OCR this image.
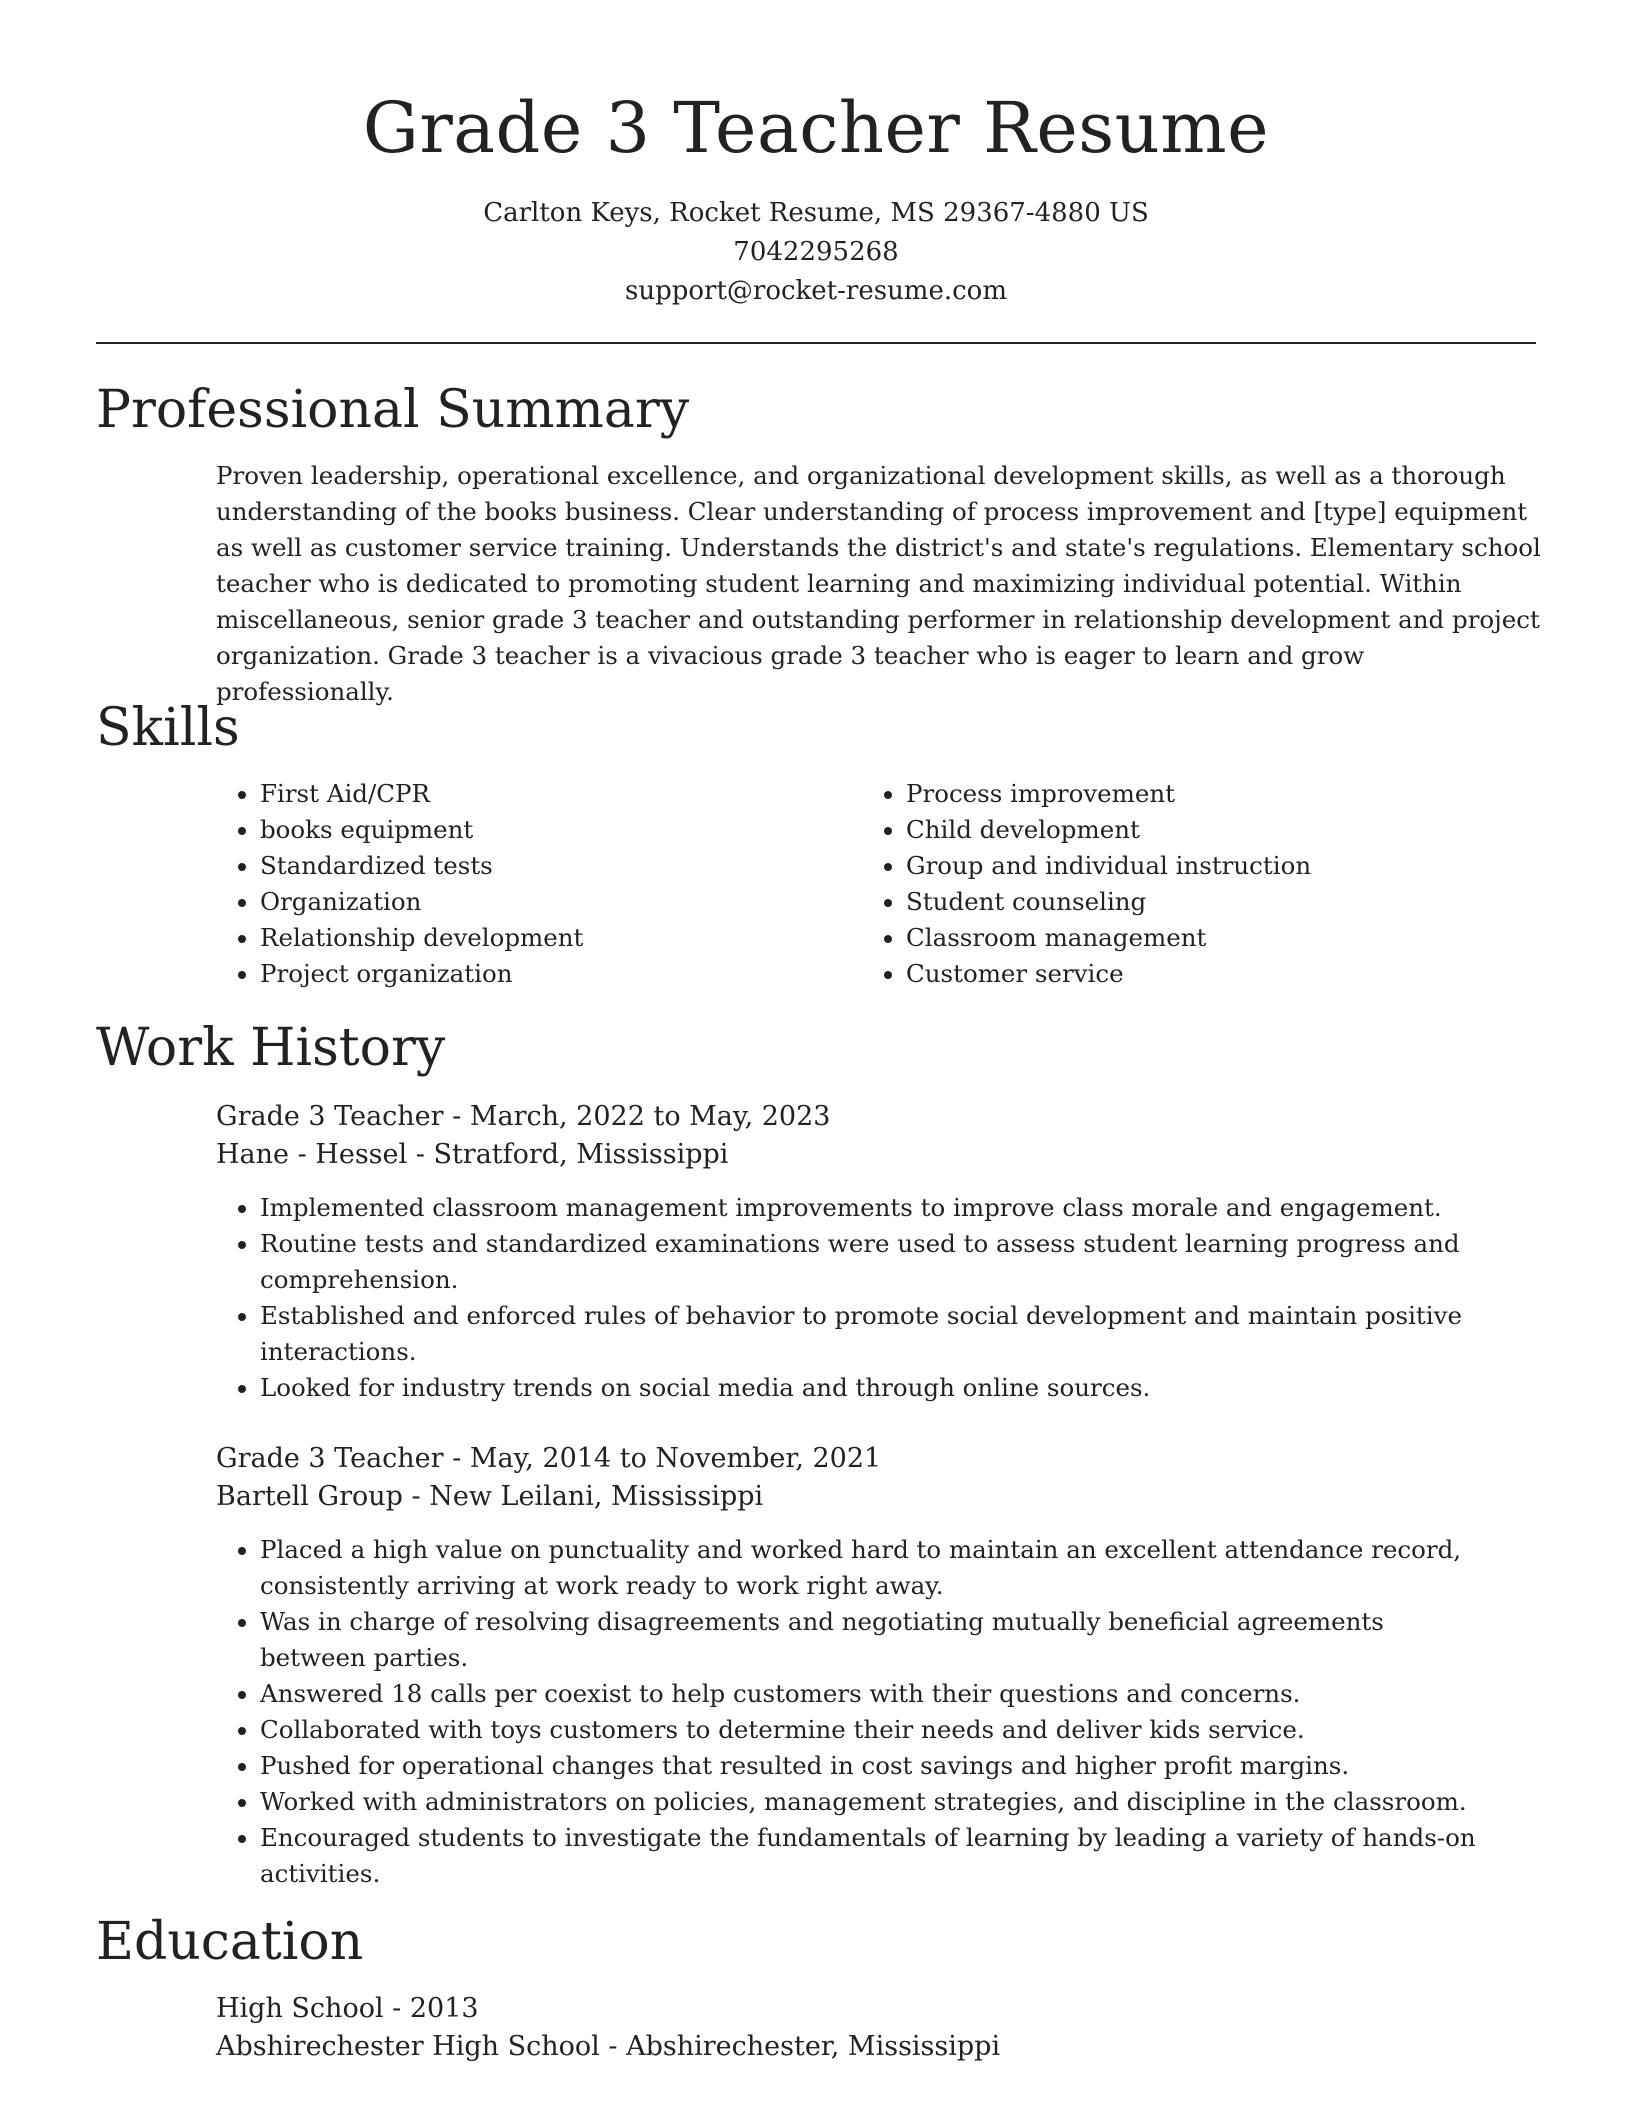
Grade 3 Teacher Resume
Carlton Keys, Rocket Resume, MS 29367-4880 US
7042295268
support@rocket-resume.com
Professional Summary

Proven leadership, operational excellence, and organizational development skills, as well as a thorough understanding of the books business. Clear understanding of process improvement and [type] equipment as well as customer service training. Understands the district's and state's regulations. Elementary school teacher who is dedicated to promoting student learning and maximizing individual potential. Within miscellaneous, senior grade 3 teacher and outstanding performer in relationship development and project organization. Grade 3 teacher is a vivacious grade 3 teacher who is eager to learn and grow professionally.

Skills
• First Aid/CPR
• books equipment
• Standardized tests
• Organization
• Relationship development
• Project organization
• Process improvement
• Child development
• Group and individual instruction
• Student counseling
• Classroom management
• Customer service
Work History
Grade 3 Teacher - March, 2022 to May, 2023
Hane - Hessel - Stratford, Mississippi
• Implemented classroom management improvements to improve class morale and engagement.
• Routine tests and standardized examinations were used to assess student learning progress and comprehension.
• Established and enforced rules of behavior to promote social development and maintain positive interactions.
• Looked for industry trends on social media and through online sources.
Grade 3 Teacher - May, 2014 to November, 2021
Bartell Group - New Leilani, Mississippi
• Placed a high value on punctuality and worked hard to maintain an excellent attendance record, consistently arriving at work ready to work right away.
• Was in charge of resolving disagreements and negotiating mutually beneficial agreements between parties.
• Answered 18 calls per coexist to help customers with their questions and concerns.
• Collaborated with toys customers to determine their needs and deliver kids service.
• Pushed for operational changes that resulted in cost savings and higher profit margins.
• Worked with administrators on policies, management strategies, and discipline in the classroom.
• Encouraged students to investigate the fundamentals of learning by leading a variety of hands-on activities.
Education
High School - 2013
Abshirechester High School - Abshirechester, Mississippi
